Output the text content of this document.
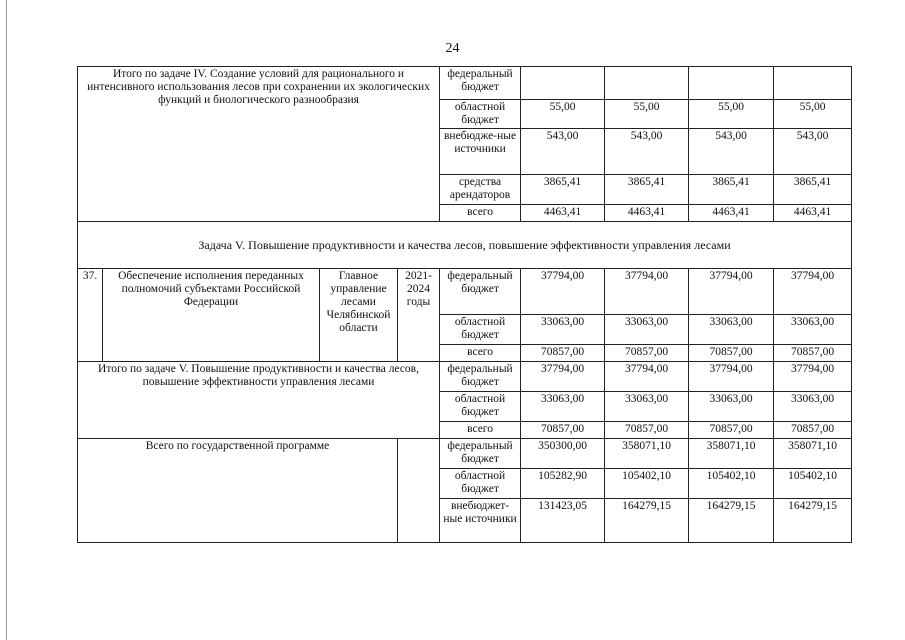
24
Итого по задаче IV. Создание условий для рационального и интенсивного использования лесов при сохранении их экологических функций и биологического разнообразия				федеральный бюджет				
				областной бюджет	55,00	55,00	55,00	55,00
				внебюдже-ные источники	543,00	543,00	543,00	543,00
				средства арендаторов	3865,41	3865,41	3865,41	3865,41
				всего	4463,41	4463,41	4463,41	4463,41
Задача V. Повышение продуктивности и качества лесов, повышение эффективности управления лесами								
37.	Обеспечение исполнения переданных полномочий субъектами Российской Федерации	Главное управление лесами Челябинской области	2021-2024 годы	федеральный бюджет	37794,00	37794,00	37794,00	37794,00
				областной бюджет	33063,00	33063,00	33063,00	33063,00
				всего	70857,00	70857,00	70857,00	70857,00
Итого по задаче V. Повышение продуктивности и качества лесов, повышение эффективности управления лесами				федеральный бюджет	37794,00	37794,00	37794,00	37794,00
				областной бюджет	33063,00	33063,00	33063,00	33063,00
				всего	70857,00	70857,00	70857,00	70857,00
Всего по государственной программе				федеральный бюджет	350300,00	358071,10	358071,10	358071,10
				областной бюджет	105282,90	105402,10	105402,10	105402,10
				внебюджет-ные источники	131423,05	164279,15	164279,15	164279,15
